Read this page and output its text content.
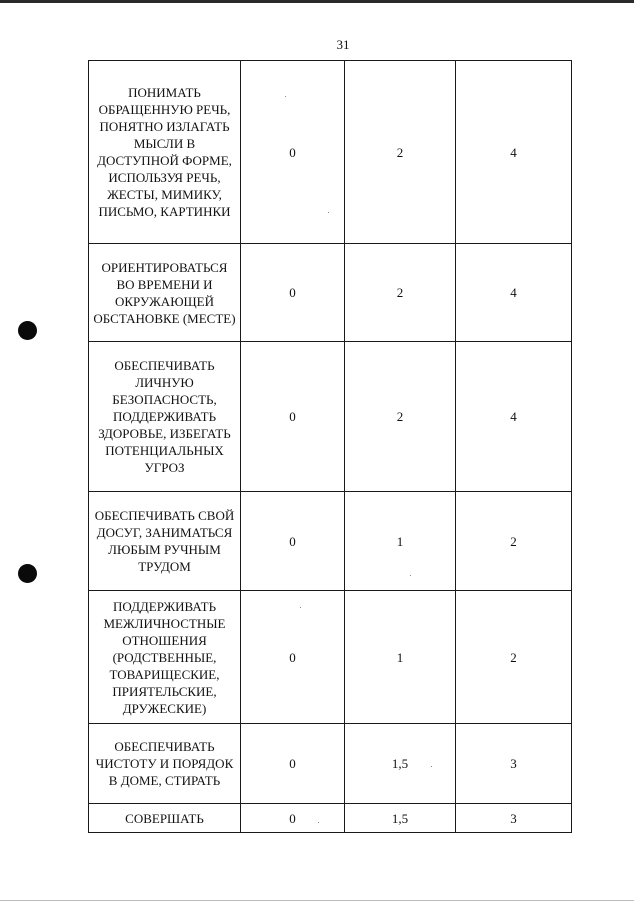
31
ПОНИМАТЬ ОБРАЩЕННУЮ РЕЧЬ, ПОНЯТНО ИЗЛАГАТЬ МЫСЛИ В ДОСТУПНОЙ ФОРМЕ, ИСПОЛЬЗУЯ РЕЧЬ, ЖЕСТЫ, МИМИКУ, ПИСЬМО, КАРТИНКИ	0	2	4
ОРИЕНТИРОВАТЬСЯ ВО ВРЕМЕНИ И ОКРУЖАЮЩЕЙ ОБСТАНОВКЕ (МЕСТЕ)	0	2	4
ОБЕСПЕЧИВАТЬ ЛИЧНУЮ БЕЗОПАСНОСТЬ, ПОДДЕРЖИВАТЬ ЗДОРОВЬЕ, ИЗБЕГАТЬ ПОТЕНЦИАЛЬНЫХ УГРОЗ	0	2	4
ОБЕСПЕЧИВАТЬ СВОЙ ДОСУГ, ЗАНИМАТЬСЯ ЛЮБЫМ РУЧНЫМ ТРУДОМ	0	1	2
ПОДДЕРЖИВАТЬ МЕЖЛИЧНОСТНЫЕ ОТНОШЕНИЯ (РОДСТВЕННЫЕ, ТОВАРИЩЕСКИЕ, ПРИЯТЕЛЬСКИЕ, ДРУЖЕСКИЕ)	0	1	2
ОБЕСПЕЧИВАТЬ ЧИСТОТУ И ПОРЯДОК В ДОМЕ, СТИРАТЬ	0	1,5	3
СОВЕРШАТЬ	0	1,5	3
